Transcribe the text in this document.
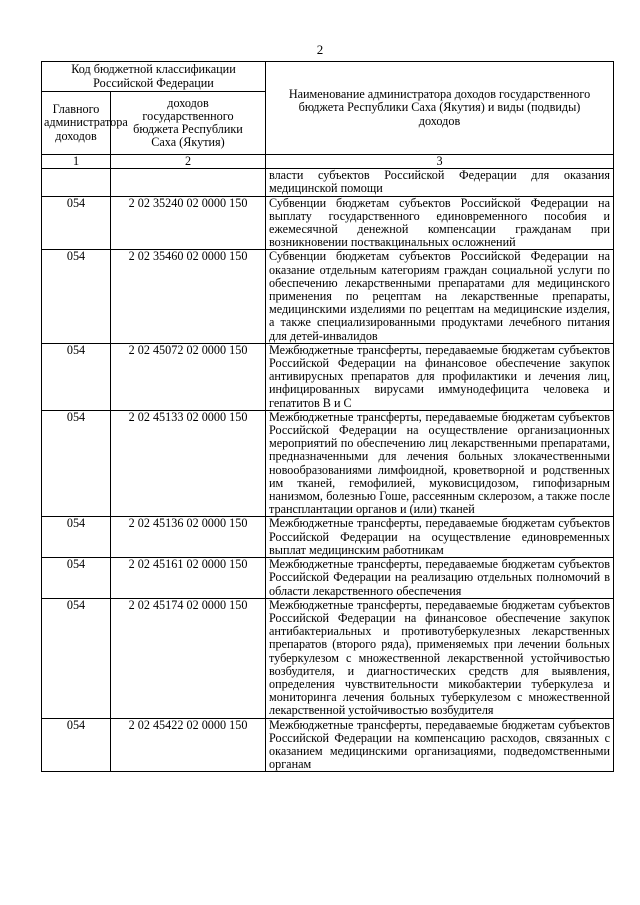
2
Код бюджетной классификации Российской Федерации		Наименование администратора доходов государственного бюджета Республики Саха (Якутия) и виды (подвиды) доходов
Главного администратора доходов	доходов государственного бюджета Республики Саха (Якутия)	
1	2	3
		власти субъектов Российской Федерации для оказания медицинской помощи
054	2 02 35240 02 0000 150	Субвенции бюджетам субъектов Российской Федерации на выплату государственного единовременного пособия и ежемесячной денежной компенсации гражданам при возникновении поствакцинальных осложнений
054	2 02 35460 02 0000 150	Субвенции бюджетам субъектов Российской Федерации на оказание отдельным категориям граждан социальной услуги по обеспечению лекарственными препаратами для медицинского применения по рецептам на лекарственные препараты, медицинскими изделиями по рецептам на медицинские изделия, а также специализированными продуктами лечебного питания для детей-инвалидов
054	2 02 45072 02 0000 150	Межбюджетные трансферты, передаваемые бюджетам субъектов Российской Федерации на финансовое обеспечение закупок антивирусных препаратов для профилактики и лечения лиц, инфицированных вирусами иммунодефицита человека и гепатитов В и С
054	2 02 45133 02 0000 150	Межбюджетные трансферты, передаваемые бюджетам субъектов Российской Федерации на осуществление организационных мероприятий по обеспечению лиц лекарственными препаратами, предназначенными для лечения больных злокачественными новообразованиями лимфоидной, кроветворной и родственных им тканей, гемофилией, муковисцидозом, гипофизарным нанизмом, болезнью Гоше, рассеянным склерозом, а также после трансплантации органов и (или) тканей
054	2 02 45136 02 0000 150	Межбюджетные трансферты, передаваемые бюджетам субъектов Российской Федерации на осуществление единовременных выплат медицинским работникам
054	2 02 45161 02 0000 150	Межбюджетные трансферты, передаваемые бюджетам субъектов Российской Федерации на реализацию отдельных полномочий в области лекарственного обеспечения
054	2 02 45174 02 0000 150	Межбюджетные трансферты, передаваемые бюджетам субъектов Российской Федерации на финансовое обеспечение закупок антибактериальных и противотуберкулезных лекарственных препаратов (второго ряда), применяемых при лечении больных туберкулезом с множественной лекарственной устойчивостью возбудителя, и диагностических средств для выявления, определения чувствительности микобактерии туберкулеза и мониторинга лечения больных туберкулезом с множественной лекарственной устойчивостью возбудителя
054	2 02 45422 02 0000 150	Межбюджетные трансферты, передаваемые бюджетам субъектов Российской Федерации на компенсацию расходов, связанных с оказанием медицинскими организациями, подведомственными органам
